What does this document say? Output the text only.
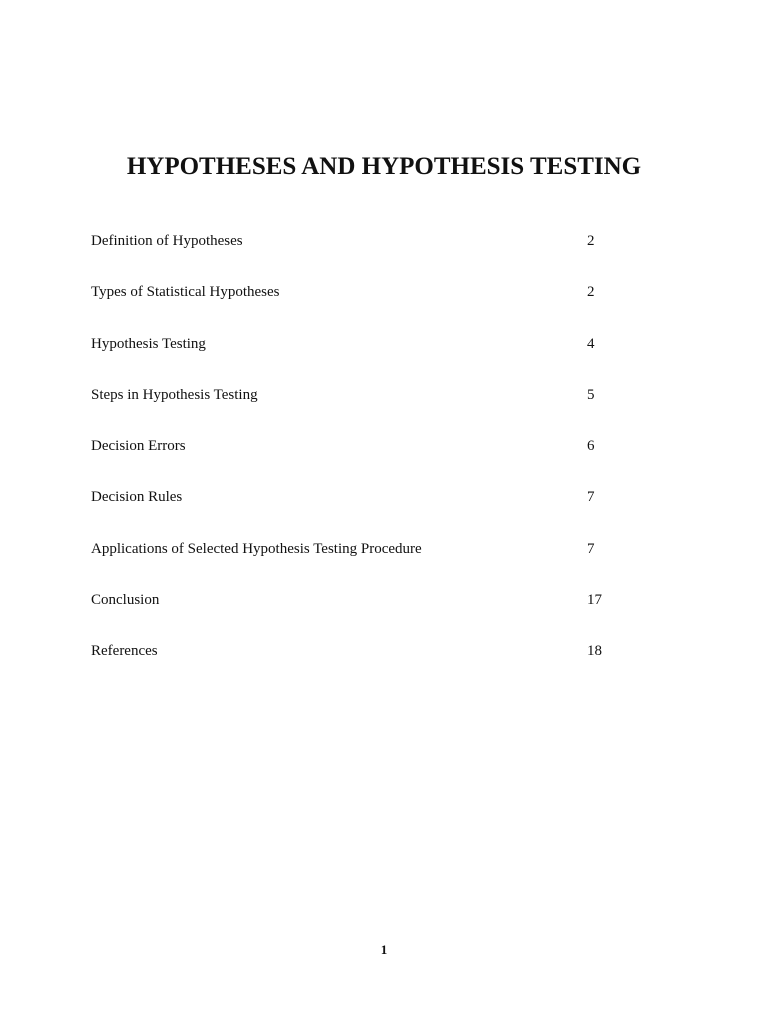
HYPOTHESES AND HYPOTHESIS TESTING
Definition of Hypotheses	2
Types of Statistical Hypotheses	2
Hypothesis Testing	4
Steps in Hypothesis Testing	5
Decision Errors	6
Decision Rules	7
Applications of Selected Hypothesis Testing Procedure	7
Conclusion	17
References	18
1
